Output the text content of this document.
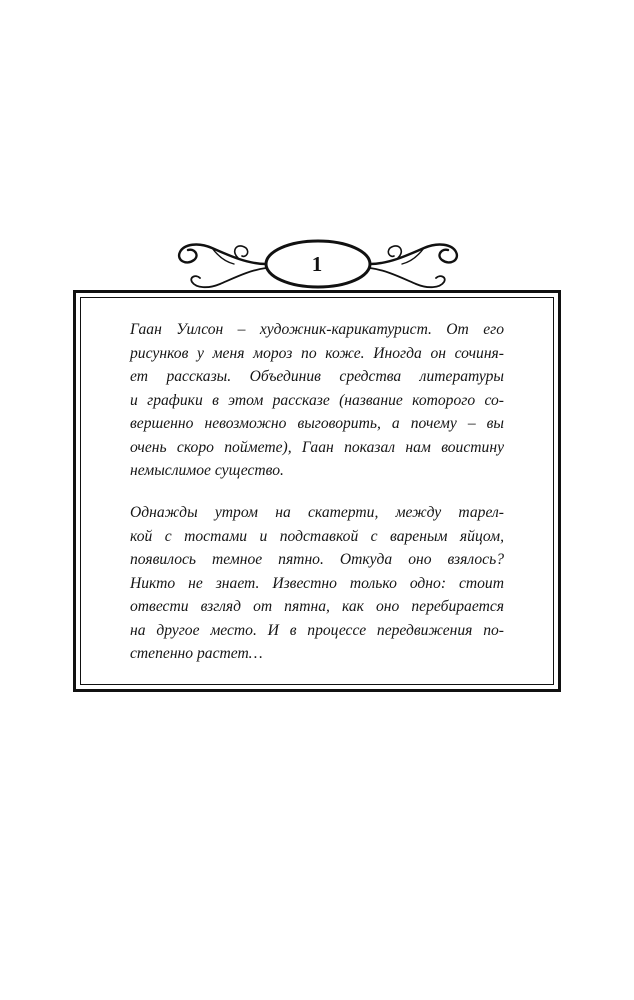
1

Гаан Уилсон – художник-карикатурист. От его
рисунков у меня мороз по коже. Иногда он сочиня-
ет рассказы. Объединив средства литературы
и графики в этом рассказе (название которого со-
вершенно невозможно выговорить, а почему – вы
очень скоро поймете), Гаан показал нам воистину
немыслимое существо.

Однажды утром на скатерти, между тарел-
кой с тостами и подставкой с вареным яйцом,
появилось темное пятно. Откуда оно взялось?
Никто не знает. Известно только одно: стоит
отвести взгляд от пятна, как оно перебирается
на другое место. И в процессе передвижения по-
степенно растет…
